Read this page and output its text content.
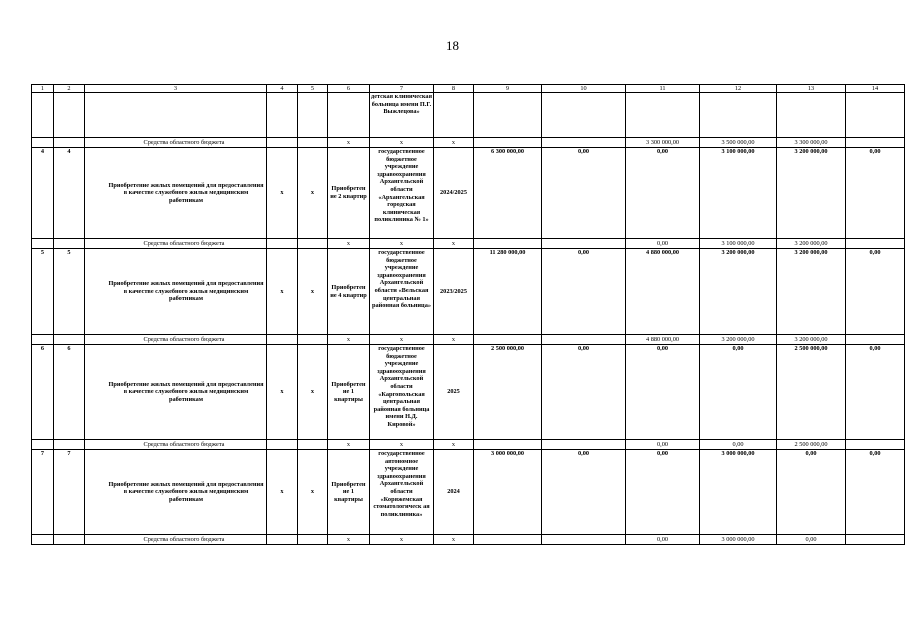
18
1	2	3	4	5	6	7	8	9	10	11	12	13	14
						детская клиническая больница имени П.Г. Выжлецова»							
		Средства областного бюджета			х	х	х			3 300 000,00	3 500 000,00	3 300 000,00	
4	4	Приобретение жилых помещений для предоставления в качестве служебного жилья медицинским работникам	х	х	Приобретен ие 2 квартир	государственное бюджетное учреждение здравоохранения Архангельской области «Архангельская городская клиническая поликлиника № 1»	2024/2025	6 300 000,00	0,00	0,00	3 100 000,00	3 200 000,00	0,00
		Средства областного бюджета			х	х	х			0,00	3 100 000,00	3 200 000,00	
5	5	Приобретение жилых помещений для предоставления в качестве служебного жилья медицинским работникам	х	х	Приобретен ие 4 квартир	государственное бюджетное учреждение здравоохранения Архангельской области «Вельская центральная районная больница»	2023/2025	11 280 000,00	0,00	4 880 000,00	3 200 000,00	3 200 000,00	0,00
		Средства областного бюджета			х	х	х			4 880 000,00	3 200 000,00	3 200 000,00	
6	6	Приобретение жилых помещений для предоставления в качестве служебного жилья медицинским работникам	х	х	Приобретен ие 1 квартиры	государственное бюджетное учреждение здравоохранения Архангельской области «Каргопольская центральная районная больница имени Н.Д. Кировой»	2025	2 500 000,00	0,00	0,00	0,00	2 500 000,00	0,00
		Средства областного бюджета			х	х	х			0,00	0,00	2 500 000,00	
7	7	Приобретение жилых помещений для предоставления в качестве служебного жилья медицинским работникам	х	х	Приобретен ие 1 квартиры	государственное автономное учреждение здравоохранения Архангельской области «Коряжемская стоматологическ ая поликлиника»	2024	3 000 000,00	0,00	0,00	3 000 000,00	0,00	0,00
		Средства областного бюджета			х	х	х			0,00	3 000 000,00	0,00	
